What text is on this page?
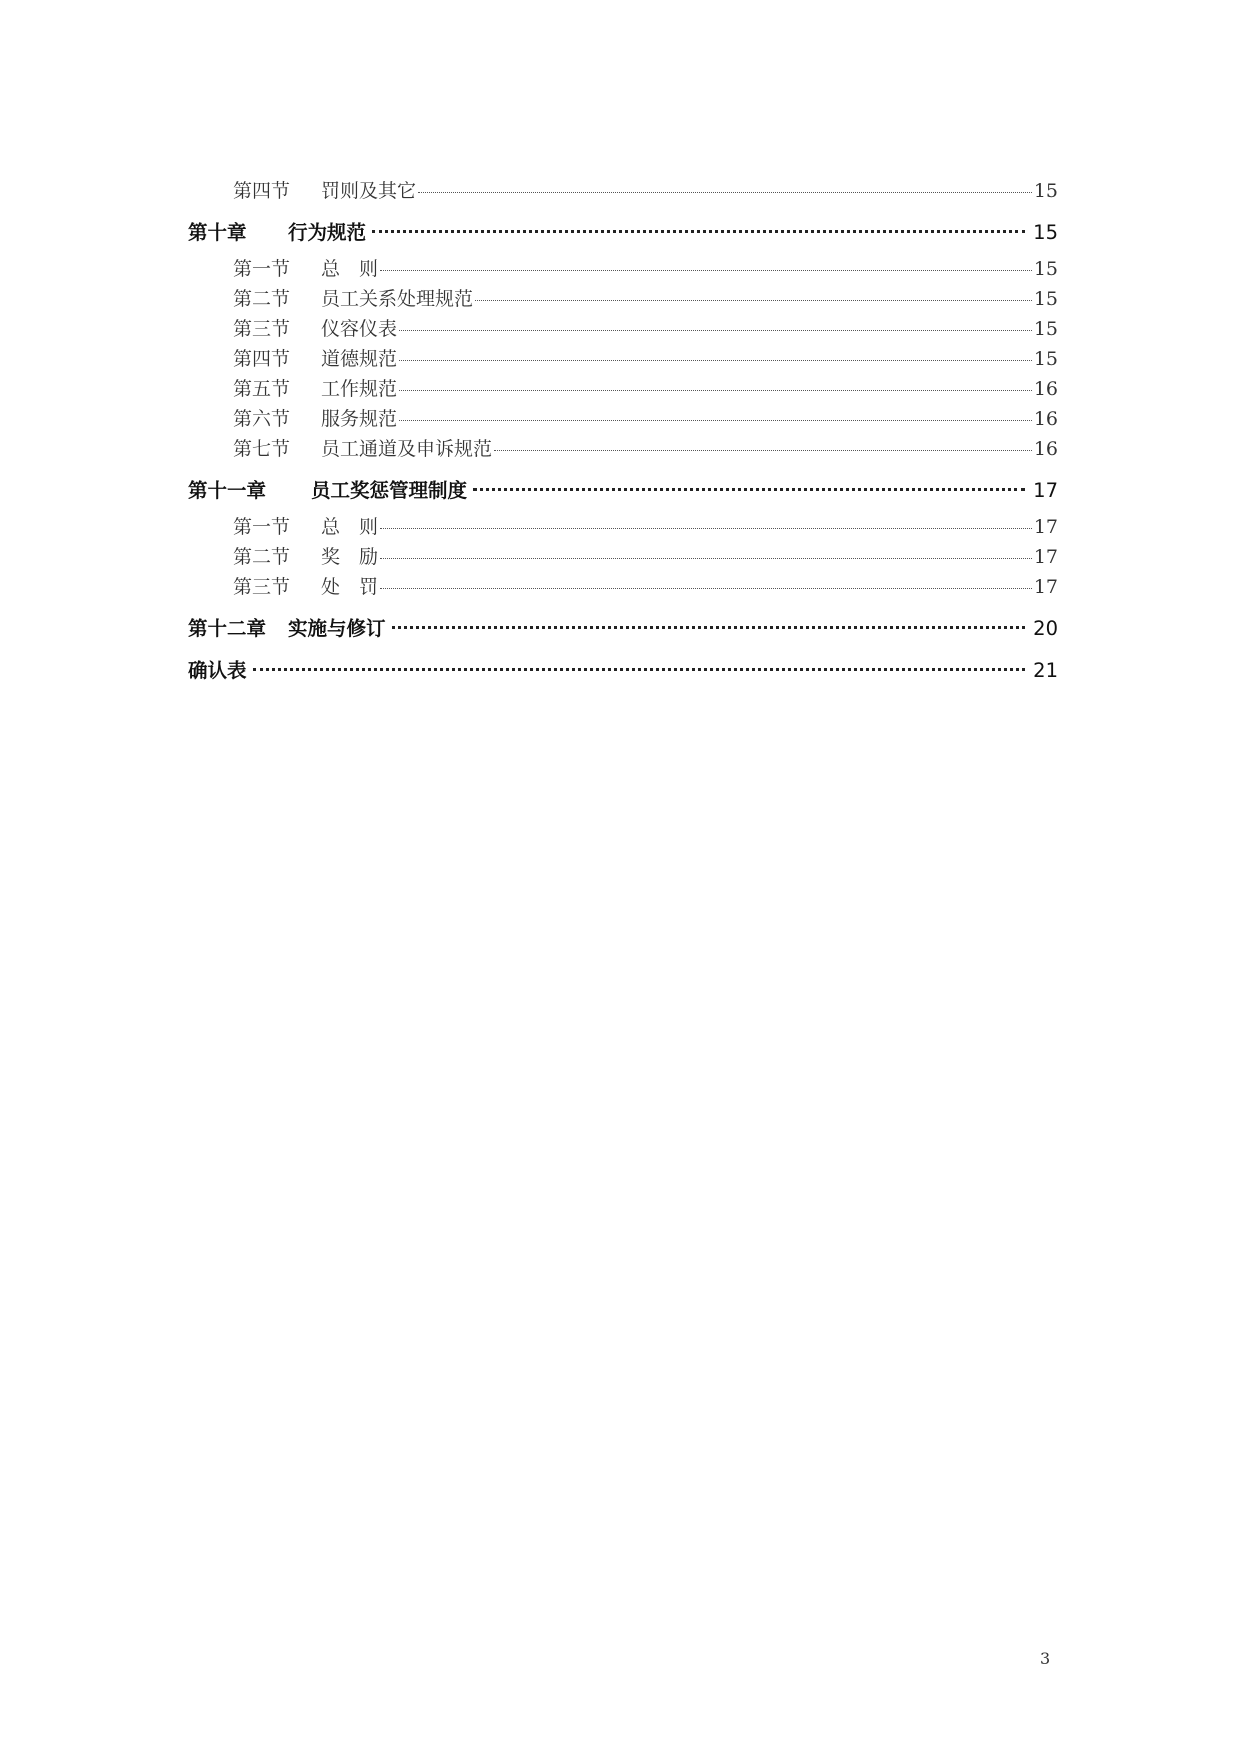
第四节 罚则及其它	15
第十章 行为规范	15
第一节 总　则	15
第二节 员工关系处理规范	15
第三节 仪容仪表	15
第四节 道德规范	15
第五节 工作规范	16
第六节 服务规范	16
第七节 员工通道及申诉规范	16
第十一章 员工奖惩管理制度	17
第一节 总　则	17
第二节 奖　励	17
第三节 处　罚	17
第十二章 实施与修订	20
确认表	21
3
